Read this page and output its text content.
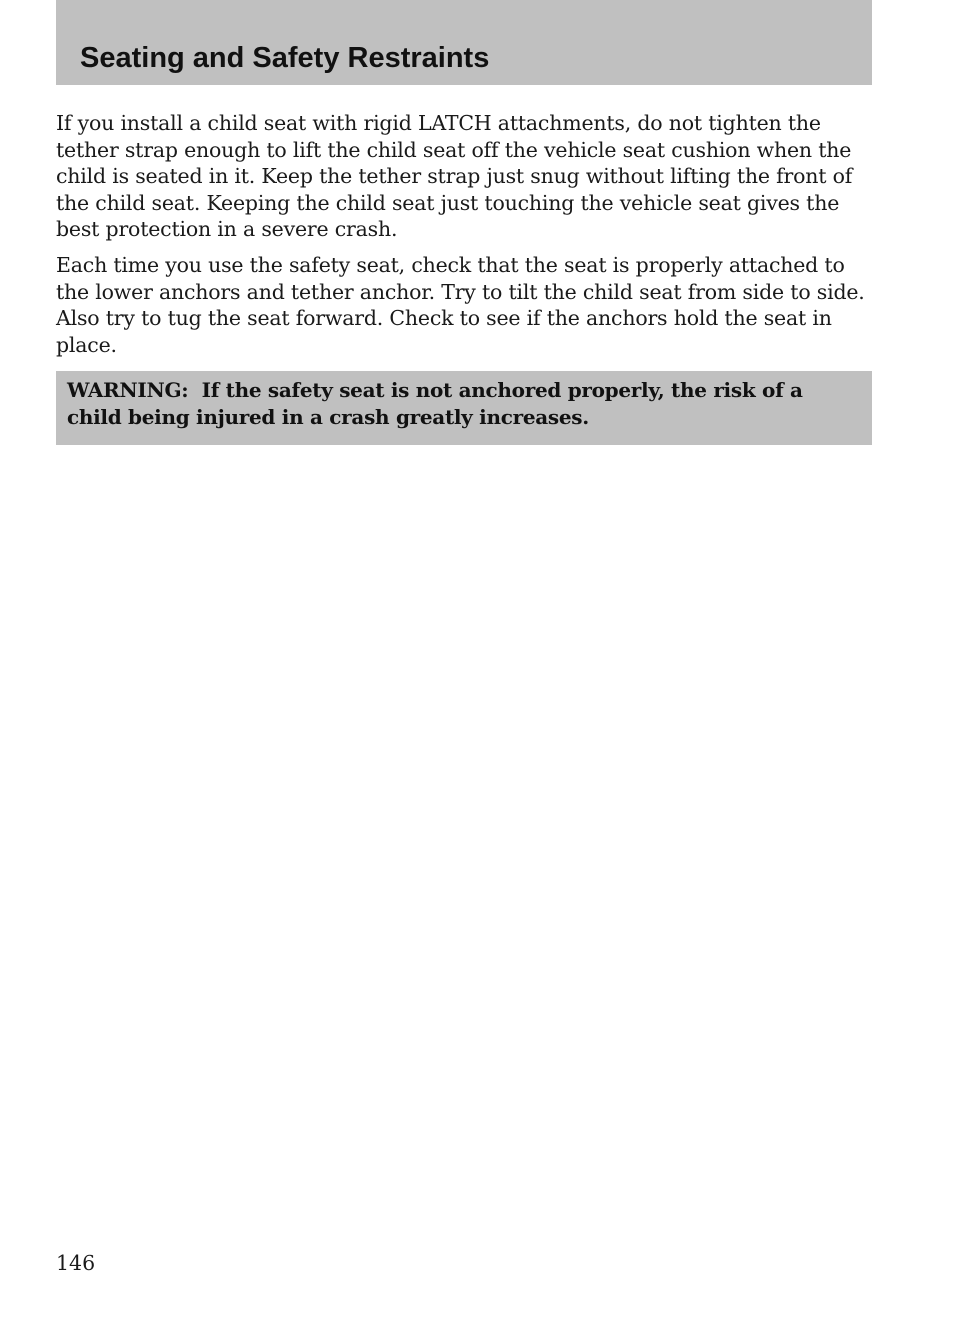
Seating and Safety Restraints

If you install a child seat with rigid LATCH attachments, do not tighten the tether strap enough to lift the child seat off the vehicle seat cushion when the child is seated in it. Keep the tether strap just snug without lifting the front of the child seat. Keeping the child seat just touching the vehicle seat gives the best protection in a severe crash.

Each time you use the safety seat, check that the seat is properly attached to the lower anchors and tether anchor. Try to tilt the child seat from side to side. Also try to tug the seat forward. Check to see if the anchors hold the seat in place.

WARNING: If the safety seat is not anchored properly, the risk of a child being injured in a crash greatly increases.

146
